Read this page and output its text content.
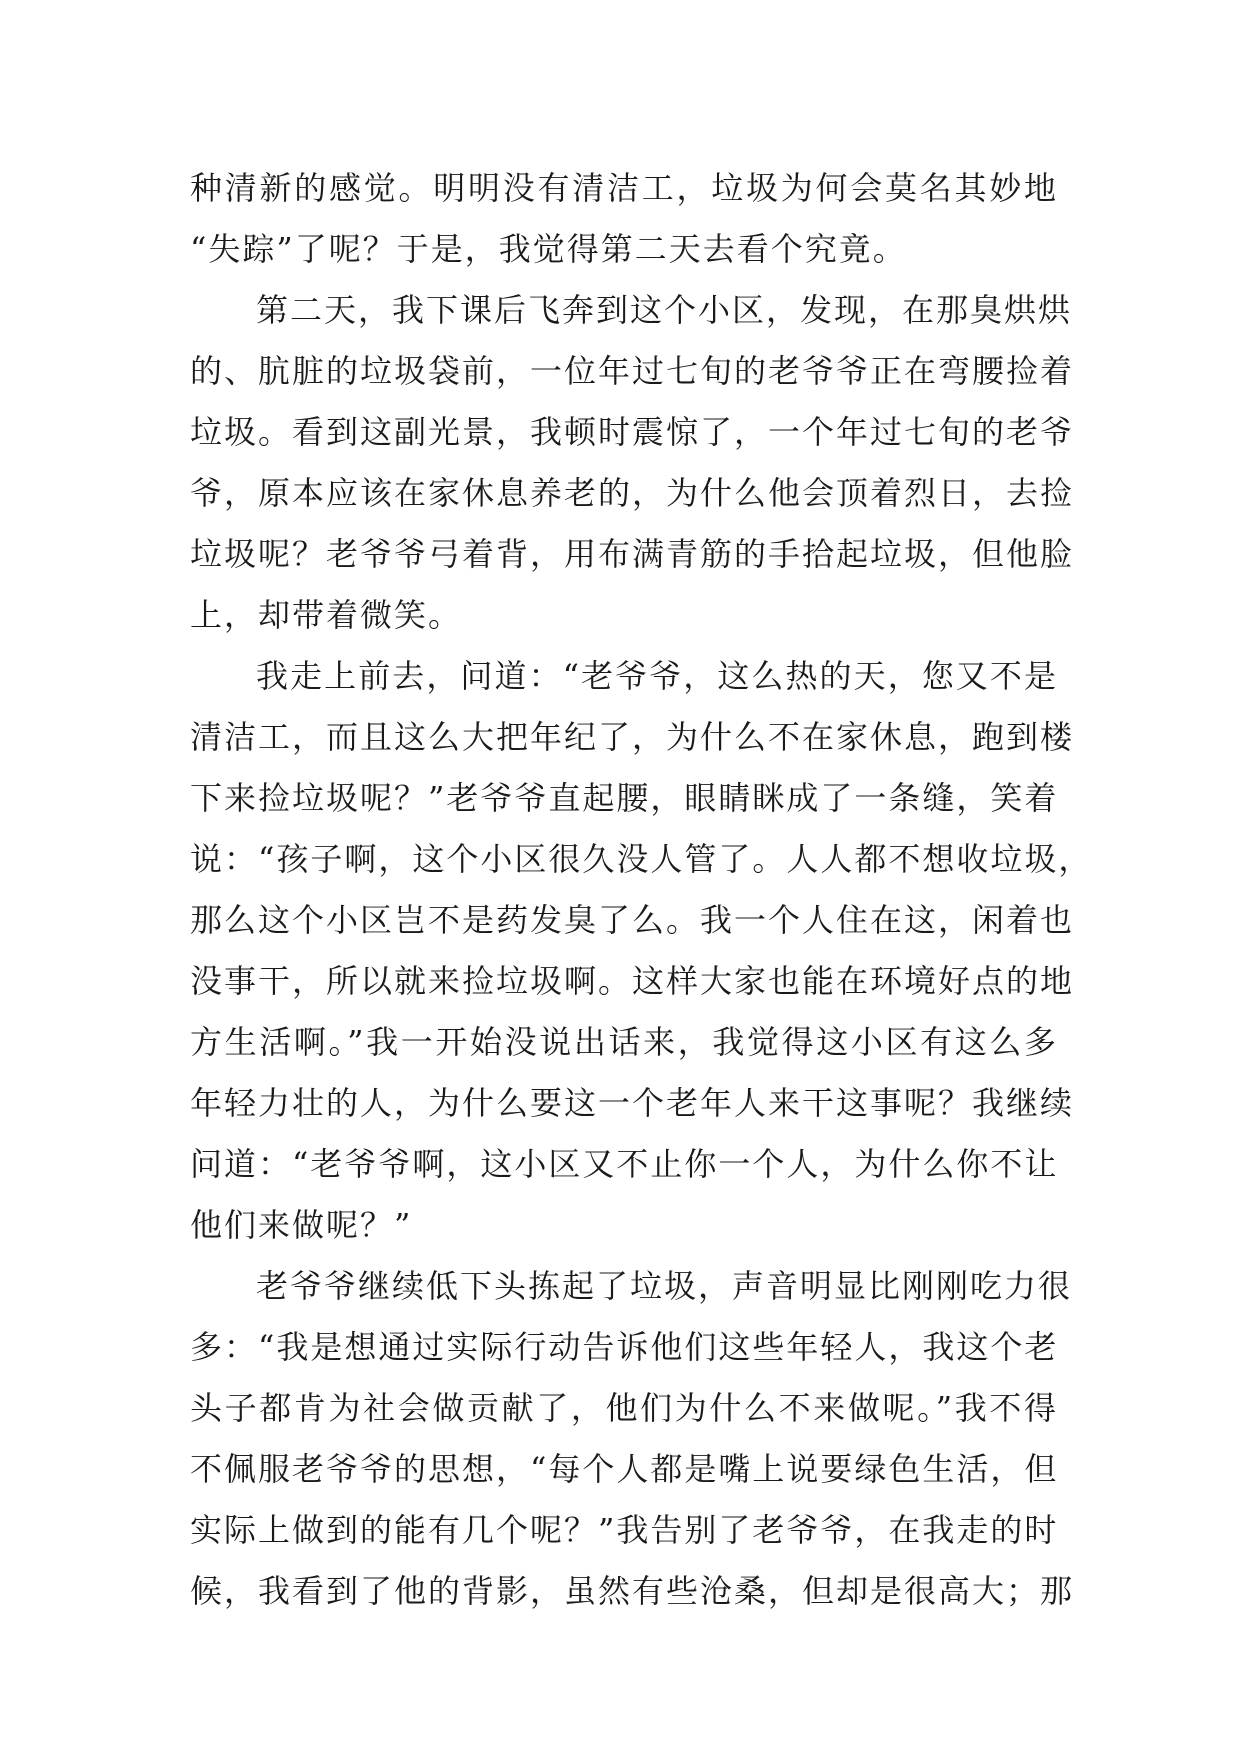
种清新的感觉。明明没有清洁工，垃圾为何会莫名其妙地
“失踪”了呢？于是，我觉得第二天去看个究竟。
第二天，我下课后飞奔到这个小区，发现，在那臭烘烘
的、肮脏的垃圾袋前，一位年过七旬的老爷爷正在弯腰捡着
垃圾。看到这副光景，我顿时震惊了，一个年过七旬的老爷
爷，原本应该在家休息养老的，为什么他会顶着烈日，去捡
垃圾呢？老爷爷弓着背，用布满青筋的手拾起垃圾，但他脸
上，却带着微笑。
我走上前去，问道：“老爷爷，这么热的天，您又不是
清洁工，而且这么大把年纪了，为什么不在家休息，跑到楼
下来捡垃圾呢？”老爷爷直起腰，眼睛眯成了一条缝，笑着
说：“孩子啊，这个小区很久没人管了。人人都不想收垃圾，
那么这个小区岂不是药发臭了么。我一个人住在这，闲着也
没事干，所以就来捡垃圾啊。这样大家也能在环境好点的地
方生活啊。”我一开始没说出话来，我觉得这小区有这么多
年轻力壮的人，为什么要这一个老年人来干这事呢？我继续
问道：“老爷爷啊，这小区又不止你一个人，为什么你不让
他们来做呢？”
老爷爷继续低下头拣起了垃圾，声音明显比刚刚吃力很
多：“我是想通过实际行动告诉他们这些年轻人，我这个老
头子都肯为社会做贡献了，他们为什么不来做呢。”我不得
不佩服老爷爷的思想，“每个人都是嘴上说要绿色生活，但
实际上做到的能有几个呢？”我告别了老爷爷，在我走的时
候，我看到了他的背影，虽然有些沧桑，但却是很高大；那
